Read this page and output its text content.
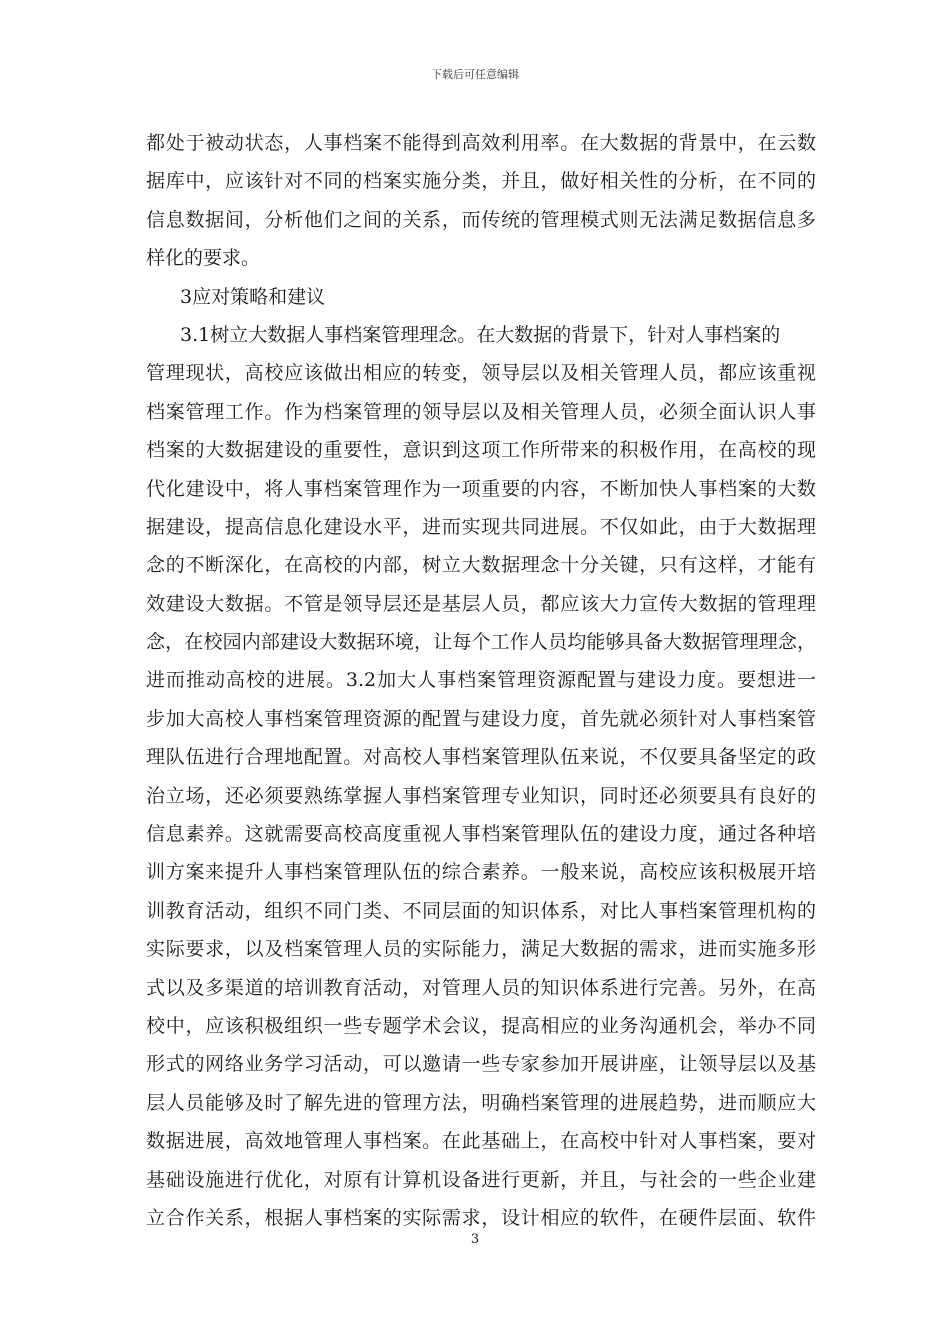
下载后可任意编辑
都处于被动状态，人事档案不能得到高效利用率。在大数据的背景中，在云数
据库中，应该针对不同的档案实施分类，并且，做好相关性的分析，在不同的
信息数据间，分析他们之间的关系，而传统的管理模式则无法满足数据信息多
样化的要求。
3应对策略和建议
3.1树立大数据人事档案管理理念。在大数据的背景下，针对人事档案的
管理现状，高校应该做出相应的转变，领导层以及相关管理人员，都应该重视
档案管理工作。作为档案管理的领导层以及相关管理人员，必须全面认识人事
档案的大数据建设的重要性，意识到这项工作所带来的积极作用，在高校的现
代化建设中，将人事档案管理作为一项重要的内容，不断加快人事档案的大数
据建设，提高信息化建设水平，进而实现共同进展。不仅如此，由于大数据理
念的不断深化，在高校的内部，树立大数据理念十分关键，只有这样，才能有
效建设大数据。不管是领导层还是基层人员，都应该大力宣传大数据的管理理
念，在校园内部建设大数据环境，让每个工作人员均能够具备大数据管理理念，
进而推动高校的进展。3.2加大人事档案管理资源配置与建设力度。要想进一
步加大高校人事档案管理资源的配置与建设力度，首先就必须针对人事档案管
理队伍进行合理地配置。对高校人事档案管理队伍来说，不仅要具备坚定的政
治立场，还必须要熟练掌握人事档案管理专业知识，同时还必须要具有良好的
信息素养。这就需要高校高度重视人事档案管理队伍的建设力度，通过各种培
训方案来提升人事档案管理队伍的综合素养。一般来说，高校应该积极展开培
训教育活动，组织不同门类、不同层面的知识体系，对比人事档案管理机构的
实际要求，以及档案管理人员的实际能力，满足大数据的需求，进而实施多形
式以及多渠道的培训教育活动，对管理人员的知识体系进行完善。另外，在高
校中，应该积极组织一些专题学术会议，提高相应的业务沟通机会，举办不同
形式的网络业务学习活动，可以邀请一些专家参加开展讲座，让领导层以及基
层人员能够及时了解先进的管理方法，明确档案管理的进展趋势，进而顺应大
数据进展，高效地管理人事档案。在此基础上，在高校中针对人事档案，要对
基础设施进行优化，对原有计算机设备进行更新，并且，与社会的一些企业建
立合作关系，根据人事档案的实际需求，设计相应的软件，在硬件层面、软件
3
